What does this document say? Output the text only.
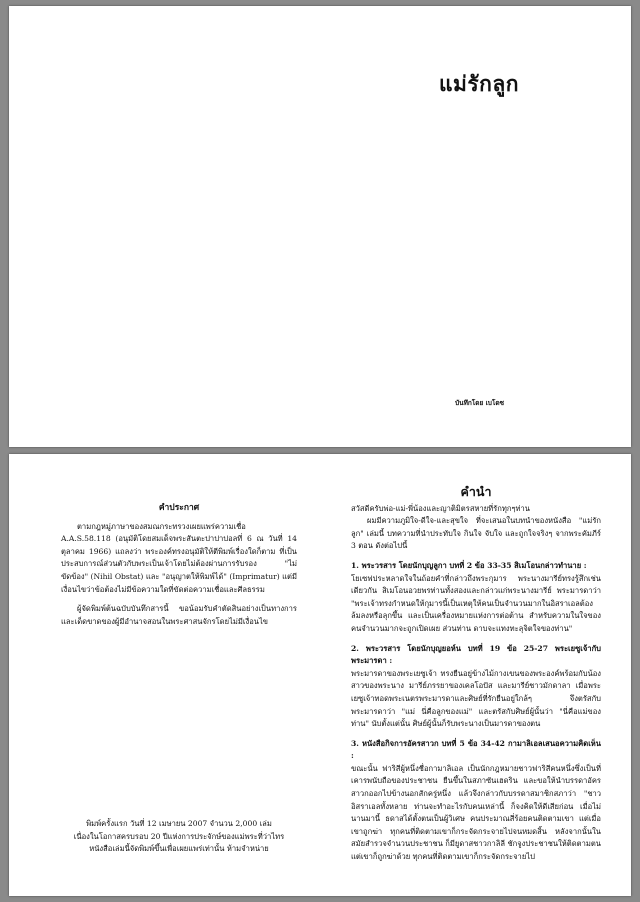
แม่รักลูก
บันทึกโดย เบโดซ
คำประกาศ

ตามกฎหมู่ภาษาของสมณกระทรวงเผยแพร่ความเชื่อ A.A.S.58.118 (อนุมัติโดยสมเด็จพระสันตะปาปาปอลที่ 6 ณ วันที่ 14 ตุลาคม 1966) แถลงว่า พระองค์ทรงอนุมัติให้ตีพิมพ์เรื่องใดก็ตาม ที่เป็นประสบการณ์ส่วนตัวกับพระเป็นเจ้าโดยไม่ต้องผ่านการรับรอง "ไม่ขัดข้อง" (Nihil Obstat) และ "อนุญาตให้พิมพ์ได้" (Imprimatur) แต่มีเงื่อนไขว่าข้อต้องไม่มีข้อความใดที่ขัดต่อความเชื่อและศีลธรรม

ผู้จัดพิมพ์ต้นฉบับบันทึกสารนี้ ขอน้อมรับคำตัดสินอย่างเป็นทางการและเด็ดขาดของผู้มีอำนาจสอนในพระศาสนจักรโดยไม่มีเงื่อนไข

พิมพ์ครั้งแรก วันที่ 12 เมษายน 2007 จำนวน 2,000 เล่ม
เนื่องในโอกาสครบรอบ 20 ปีแห่งการประจักษ์ของแม่พระที่ว่าไทร
หนังสือเล่มนี้จัดพิมพ์ขึ้นเพื่อเผยแพร่เท่านั้น ห้ามจำหน่าย
คำนำ

สวัสดีครับพ่อ-แม่-พี่น้องและญาติมิตรสหายที่รักทุกๆท่าน

ผมมีความภูมิใจ-ดีใจ-และสุขใจ ที่จะเสนอในบทนำของหนังสือ "แม่รักลูก" เล่มนี้ บทความที่นำประทับใจ กินใจ จับใจ และถูกใจจริงๆ จากพระคัมภีร์ 3 ตอน ดังต่อไปนี้

1. พระวรสาร โดยนักบุญลูกา บทที่ 2 ข้อ 33-35 สิเมโอนกล่าวทำนาย :

โยเซฟประหลาดใจในถ้อยคำที่กล่าวถึงพระกุมาร พระนางมารีย์ทรงรู้สึกเช่นเดียวกัน สิเมโอนอวยพรท่านทั้งสองและกล่าวแก่พระนางมารีย์ พระมารดาว่า "พระเจ้าทรงกำหนดให้กุมารนี้เป็นเหตุให้คนเป็นจำนวนมากในอิสราเอลต้องล้มลงหรือลุกขึ้น และเป็นเครื่องหมายแห่งการต่อต้าน สำหรับความในใจของคนจำนวนมากจะถูกเปิดเผย ส่วนท่าน ดาบจะแทงทะลุจิตใจของท่าน"

2. พระวรสาร โดยนักบุญยอห์น บทที่ 19 ข้อ 25-27 พระเยซูเจ้ากับพระมารดา :

พระมารดาของพระเยซูเจ้า ทรงยืนอยู่ข้างไม้กางเขนของพระองค์พร้อมกับน้องสาวของพระนาง มารีย์ภรรยาของเคลโอปัส และมารีย์ชาวมักดาลา เมื่อพระเยซูเจ้าทอดพระเนตรพระมารดาและศิษย์ที่รักยืนอยู่ใกล้ๆ จึงตรัสกับพระมารดาว่า "แม่ นี่คือลูกของแม่" และตรัสกับศิษย์ผู้นั้นว่า "นี่คือแม่ของท่าน" นับตั้งแต่นั้น ศิษย์ผู้นั้นก็รับพระนางเป็นมารดาของตน

3. หนังสือกิจการอัครสาวก บทที่ 5 ข้อ 34-42 กามาลิเอลเสนอความคิดเห็น :

ขณะนั้น ฟาริสีผู้หนึ่งชื่อกามาลิเอล เป็นนักกฎหมายชาวฟาริสีคนหนึ่งซึ่งเป็นที่เคารพนับถือของประชาชน ยืนขึ้นในสภาซันเฮดริน และขอให้นำบรรดาอัครสาวกออกไปข้างนอกสักครู่หนึ่ง แล้วจึงกล่าวกับบรรดาสมาชิกสภาว่า "ชาวอิสราเอลทั้งหลาย ท่านจะทำอะไรกับคนเหล่านี้ ก็จงคิดให้ดีเสียก่อน เมื่อไม่นานมานี้ ธดาสได้ตั้งตนเป็นผู้วิเศษ คนประมาณสี่ร้อยคนติดตามเขา แต่เมื่อเขาถูกฆ่า ทุกคนที่ติดตามเขาก็กระจัดกระจายไปจนหมดสิ้น หลังจากนั้นในสมัยสำรวจจำนวนประชาชน ก็มียูดาสชาวกาลิลี ชักจูงประชาชนให้ติดตามตนแต่เขาก็ถูกฆ่าด้วย ทุกคนที่ติดตามเขาก็กระจัดกระจายไป
